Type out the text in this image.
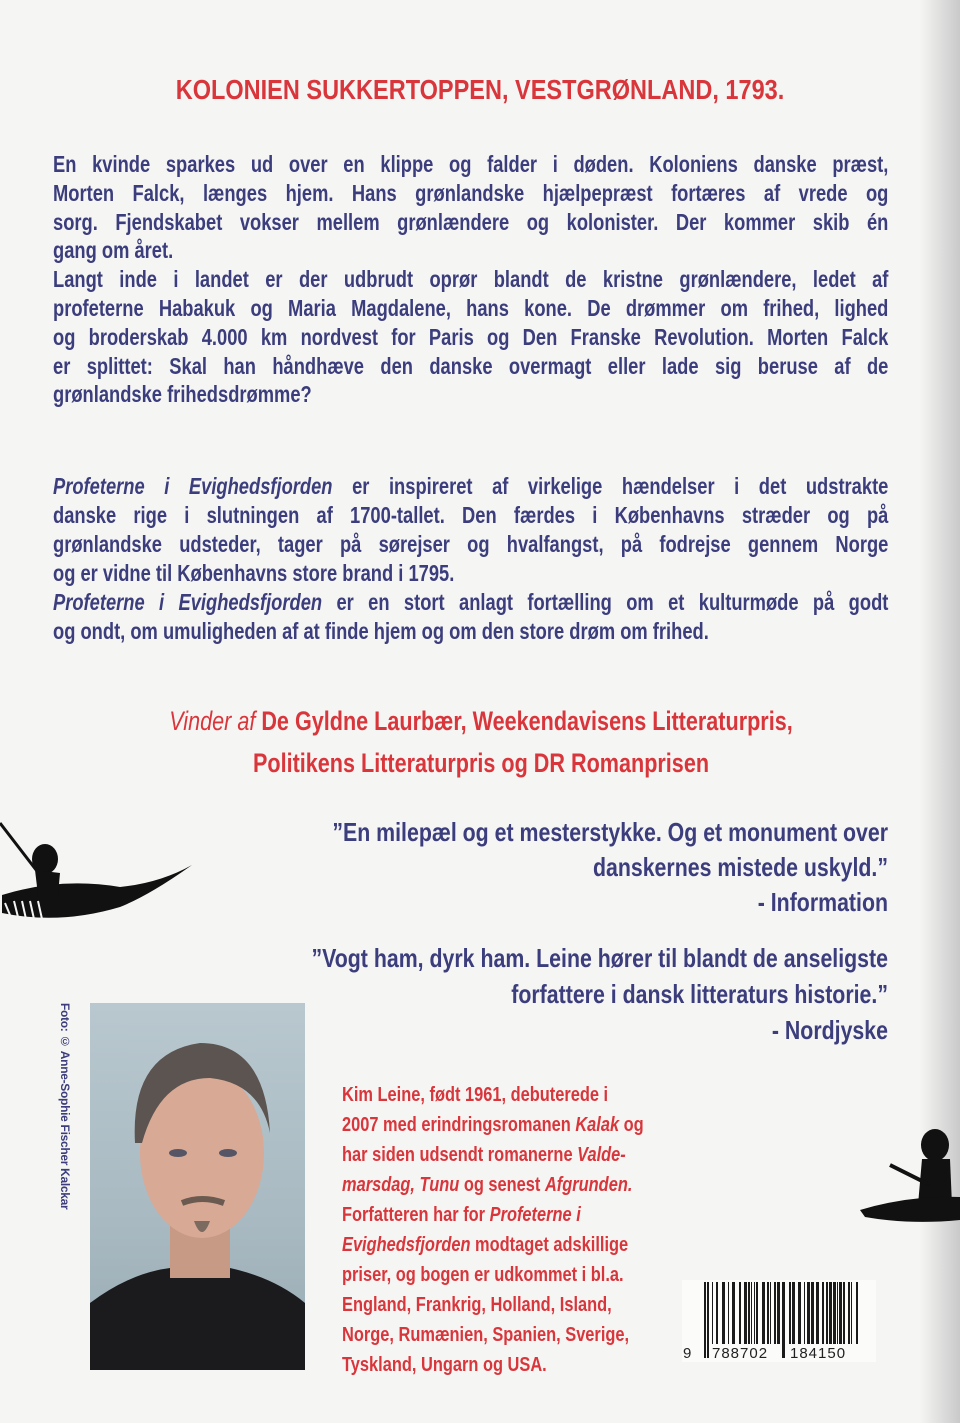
KOLONIEN SUKKERTOPPEN, VESTGRØNLAND, 1793.
En kvinde sparkes ud over en klippe og falder i døden. Koloniens danske præst,
Morten Falck, længes hjem. Hans grønlandske hjælpepræst fortæres af vrede og
sorg. Fjendskabet vokser mellem grønlændere og kolonister. Der kommer skib én
gang om året.
Langt inde i landet er der udbrudt oprør blandt de kristne grønlændere, ledet af
profeterne Habakuk og Maria Magdalene, hans kone. De drømmer om frihed, lighed
og broderskab 4.000 km nordvest for Paris og Den Franske Revolution. Morten Falck
er splittet: Skal han håndhæve den danske overmagt eller lade sig beruse af de
grønlandske frihedsdrømme?
Profeterne i Evighedsfjorden er inspireret af virkelige hændelser i det udstrakte
danske rige i slutningen af 1700-tallet. Den færdes i Københavns stræder og på
grønlandske udsteder, tager på sørejser og hvalfangst, på fodrejse gennem Norge
og er vidne til Københavns store brand i 1795.
Profeterne i Evighedsfjorden er en stort anlagt fortælling om et kulturmøde på godt
og ondt, om umuligheden af at finde hjem og om den store drøm om frihed.
Vinder af De Gyldne Laurbær, Weekendavisens Litteraturpris,
Politikens Litteraturpris og DR Romanprisen
”En milepæl og et mesterstykke. Og et monument over
danskernes mistede uskyld.”
- Information
”Vogt ham, dyrk ham. Leine hører til blandt de anseligste
forfattere i dansk litteraturs historie.”
- Nordjyske
Foto: © Anne-Sophie Fischer Kalckar	Kim Leine, født 1961, debuterede i
2007 med erindringsromanen Kalak og
har siden udsendt romanerne Valde-
marsdag, Tunu og senest Afgrunden.
Forfatteren har for Profeterne i
Evighedsfjorden modtaget adskillige
priser, og bogen er udkommet i bl.a.
England, Frankrig, Holland, Island,
Norge, Rumænien, Spanien, Sverige,
Tyskland, Ungarn og USA.	9 788702 184150
